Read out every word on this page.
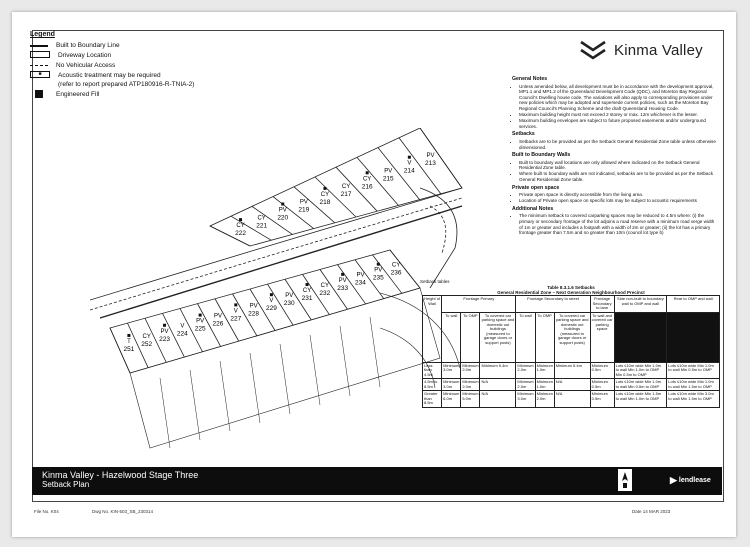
Legend
Built to Boundary Line
Driveway Location
No Vehicular Access
■	Acoustic treatment may be required
(refer to report prepared ATP180916-R-TNIA-2)
Engineered Fill
Kinma Valley
General Notes
• Unless amended below, all development must be in accordance with the development approval, MP1.1 and MP1.2 of the Queensland Development Code (QDC), and Moreton Bay Regional Council's Dwelling house code. The variations will also apply to corresponding provisions under new policies which may be adopted and supersede current policies, such as the Moreton Bay Regional Council's Planning Scheme and the draft Queensland Housing Code.
• Maximum building height must not exceed 2 storey or max. 12m whichever is the lesser.
• Maximum building envelopes are subject to future proposed easements and/or underground services.
Setbacks
• Setbacks are to be provided as per the Setback General Residential Zone table unless otherwise dimensioned.
Built to Boundary Walls
• Built to boundary wall locations are only allowed where indicated on the Setback General Residential Zone table.
• Where built to boundary walls are not indicated, setbacks are to be provided as per the Setback General Residential Zone table.
Private open space
• Private open space is directly accessible from the living area.
• Location of Private open space on specific lots may be subject to acoustic requirements
Additional Notes
• The minimum setback to covered carparking spaces may be reduced to 4.5m where: (i) the primary or secondary frontage of the lot adjoins a road reserve with a minimum road verge width of 1m or greater and includes a footpath with a width of 2m or greater; (ii) the lot has a primary frontage greater than 7.5m and no greater than 10m (council lot type b)
CY
222
CY
221
PV
220
PV
219
CY
218
CY
217
CY
216
PV
215
V
214
PV
213
T
251
CY
252
PV
223
V
224
PV
225
PV
226
V
227
PV
228
V
229
PV
230
CY
231
CY
232
PV
233
PV
234
PV
235
CY
236
Setback tables
Table 8.3.1.6 Setbacks
General Residential Zone – Next Generation Neighbourhood Precinct
Height of Wall	Frontage Primary			Frontage Secondary to street			Frontage Secondary to lane	Side non-built to boundary wall to OMP and wall	Rear to OMP and wall
	To wall	To OMP	To covered car parking space and domestic out buildings (measured to garage doors or support posts)	To wall	To OMP	To covered car parking space and domestic out buildings (measured to garage doors or support posts)	To wall and covered car parking space		
Less than 4.5m	Minimum 3.0m	Minimum 2.0m	Minimum 5.4m	Minimum 2.0m	Minimum 1.0m	Minimum 5.4m	Minimum 0.5m	Lots ≤10m wide Min 1.0m to wall Min 1.0m to OMP Min 0.5m to OMP	Lots ≤10m wide Min 1.0m to wall Min 0.5m to OMP
4.5m to 8.5m	Minimum 3.0m	Minimum 2.0m	N/A	Minimum 2.0m	Minimum 1.0m	N/A	Minimum 0.5m	Lots ≤10m wide Min 1.0m to wall Min 0.5m to OMP	Lots ≤10m wide Min 1.0m to wall Min 1.5m to OMP
Greater than 8.5m	Minimum 6.0m	Minimum 5.0m	N/A	Minimum 3.0m	Minimum 2.0m	N/A	Minimum 0.5m	Lots ≤10m wide Min 1.5m to wall Min 1.0m to OMP	Lots ≤10m wide Min 3.0m to wall Min 1.5m to OMP
Kinma Valley - Hazelwood Stage Three
Setback Plan	▶ lendlease
File No. K04	Dwg No. KIN-503_SB_230314	Date 14 MAR 2023
